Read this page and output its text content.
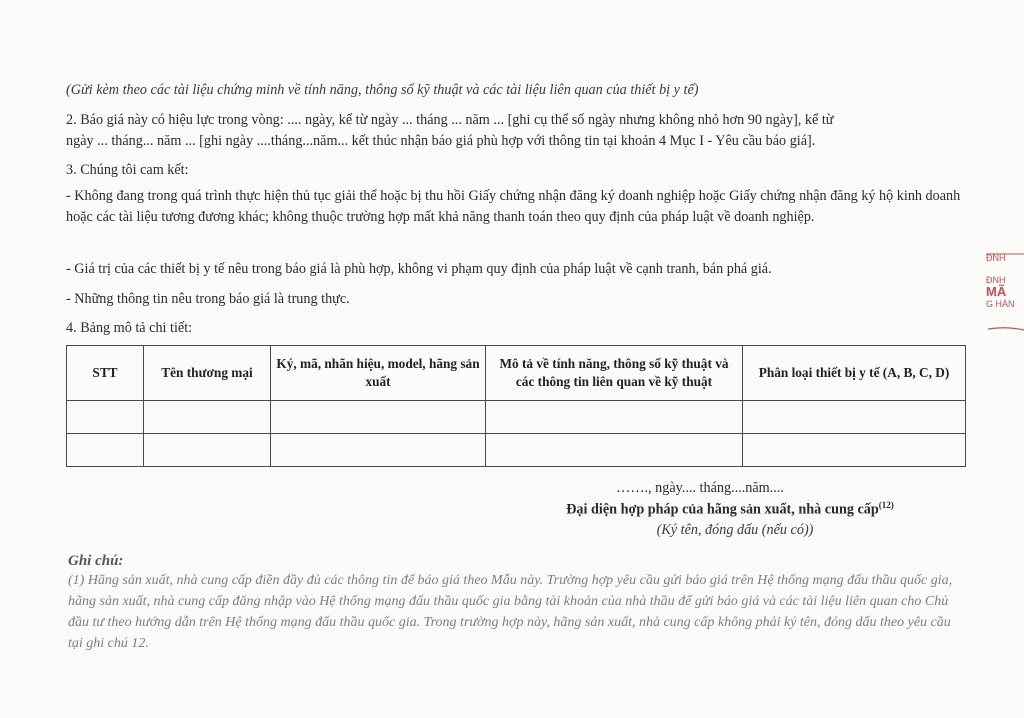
(Gửi kèm theo các tài liệu chứng minh về tính năng, thông số kỹ thuật và các tài liệu liên quan của thiết bị y tế)
2. Báo giá này có hiệu lực trong vòng: .... ngày, kể từ ngày ... tháng ... năm ... [ghi cụ thể số ngày nhưng không nhỏ hơn 90 ngày], kể từ
ngày ... tháng... năm ... [ghi ngày ....tháng...năm... kết thúc nhận báo giá phù hợp với thông tin tại khoản 4 Mục I - Yêu cầu báo giá].
3. Chúng tôi cam kết:
- Không đang trong quá trình thực hiện thủ tục giải thể hoặc bị thu hồi Giấy chứng nhận đăng ký doanh nghiệp hoặc Giấy chứng nhận đăng ký hộ kinh doanh hoặc các tài liệu tương đương khác; không thuộc trường hợp mất khả năng thanh toán theo quy định của pháp luật về doanh nghiệp.
- Giá trị của các thiết bị y tế nêu trong báo giá là phù hợp, không vi phạm quy định của pháp luật về cạnh tranh, bán phá giá.
- Những thông tin nêu trong báo giá là trung thực.
4. Bảng mô tả chi tiết:
STT	Tên thương mại	Ký, mã, nhãn hiệu, model, hãng sản xuất	Mô tả về tính năng, thông số kỹ thuật và các thông tin liên quan về kỹ thuật	Phân loại thiết bị y tế (A, B, C, D)

……., ngày.... tháng....năm....
Đại diện hợp pháp của hãng sản xuất, nhà cung cấp$^{(12)}$
(Ký tên, đóng dấu (nếu có))
Ghi chú:
(1) Hãng sản xuất, nhà cung cấp điền đầy đủ các thông tin để báo giá theo Mẫu này. Trường hợp yêu cầu gửi báo giá trên Hệ thống mạng đấu thầu quốc gia, hãng sản xuất, nhà cung cấp đăng nhập vào Hệ thống mạng đấu thầu quốc gia bằng tài khoản của nhà thầu để gửi báo giá và các tài liệu liên quan cho Chủ đầu tư theo hướng dẫn trên Hệ thống mạng đấu thầu quốc gia. Trong trường hợp này, hãng sản xuất, nhà cung cấp không phải ký tên, đóng dấu theo yêu cầu tại ghi chú 12.
ĐNH
ĐNH
MÃ
G HÀN
